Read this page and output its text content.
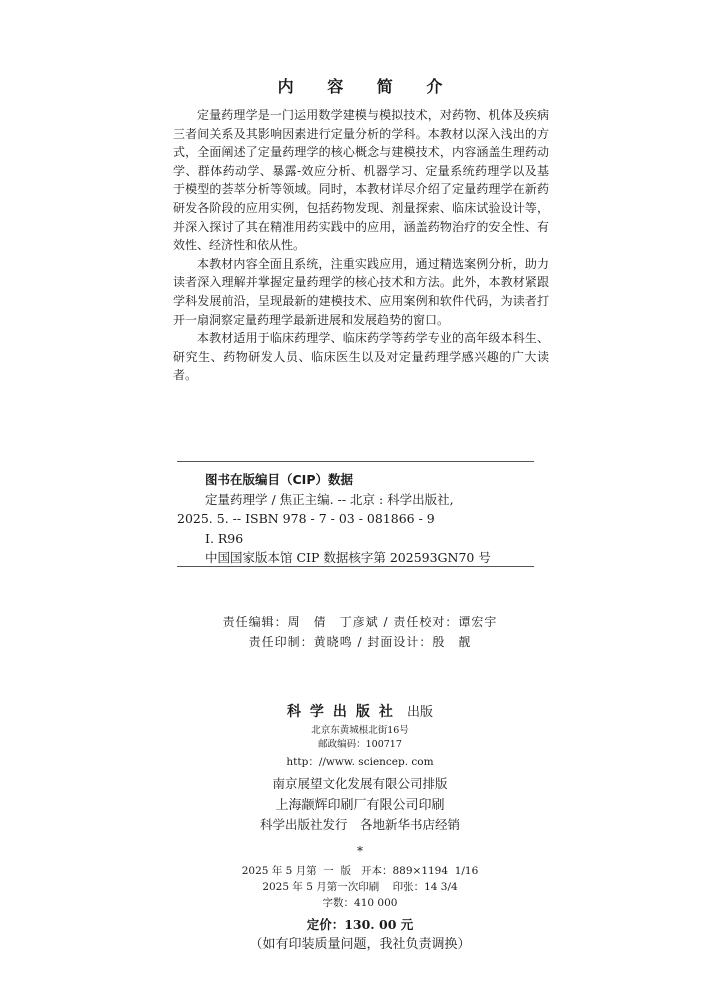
内 容 简 介

定量药理学是一门运用数学建模与模拟技术，对药物、机体及疾病三者间关系及其影响因素进行定量分析的学科。本教材以深入浅出的方式，全面阐述了定量药理学的核心概念与建模技术，内容涵盖生理药动学、群体药动学、暴露-效应分析、机器学习、定量系统药理学以及基于模型的荟萃分析等领域。同时，本教材详尽介绍了定量药理学在新药研发各阶段的应用实例，包括药物发现、剂量探索、临床试验设计等，并深入探讨了其在精准用药实践中的应用，涵盖药物治疗的安全性、有效性、经济性和依从性。

本教材内容全面且系统，注重实践应用，通过精选案例分析，助力读者深入理解并掌握定量药理学的核心技术和方法。此外，本教材紧跟学科发展前沿，呈现最新的建模技术、应用案例和软件代码，为读者打开一扇洞察定量药理学最新进展和发展趋势的窗口。

本教材适用于临床药理学、临床药学等药学专业的高年级本科生、研究生、药物研发人员、临床医生以及对定量药理学感兴趣的广大读者。

图书在版编目（CIP）数据
定量药理学 / 焦正主编. -- 北京 : 科学出版社,
2025. 5. -- ISBN 978 - 7 - 03 - 081866 - 9
Ⅰ. R96
中国国家版本馆 CIP 数据核字第 202593GN70 号
责任编辑：周　倩　丁彦斌 / 责任校对：谭宏宇
责任印制：黄晓鸣 / 封面设计：殷　靓
科学出版社 出版
北京东黄城根北街16号
邮政编码：100717
http：//www. sciencep. com
南京展望文化发展有限公司排版
上海颛辉印刷厂有限公司印刷
科学出版社发行　各地新华书店经销
*
2025 年 5 月第  一  版   开本：889×1194  1/16
2025 年 5 月第一次印刷    印张：14 3/4
字数：410 000
定价：130. 00 元
（如有印装质量问题，我社负责调换）
